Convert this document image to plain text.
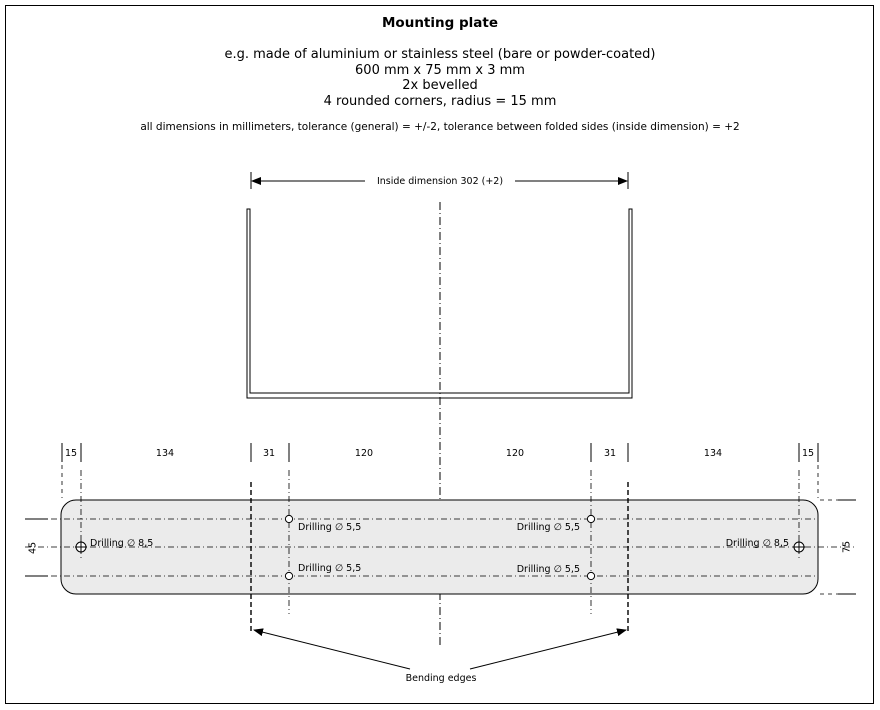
Mounting plate
e.g. made of aluminium or stainless steel (bare or powder-coated)
600 mm x 75 mm x 3 mm
2x bevelled
4 rounded corners, radius = 15 mm
all dimensions in millimeters, tolerance (general) = +/-2, tolerance between folded sides (inside dimension) = +2
Inside dimension 302 (+2)
Drilling ∅ 8,5	Drilling ∅ 8,5
Drilling ∅ 5,5
Drilling ∅ 5,5
Drilling ∅ 5,5
Drilling ∅ 5,5
15	134	31	120	120	31	134	15
45	75
Bending edges
